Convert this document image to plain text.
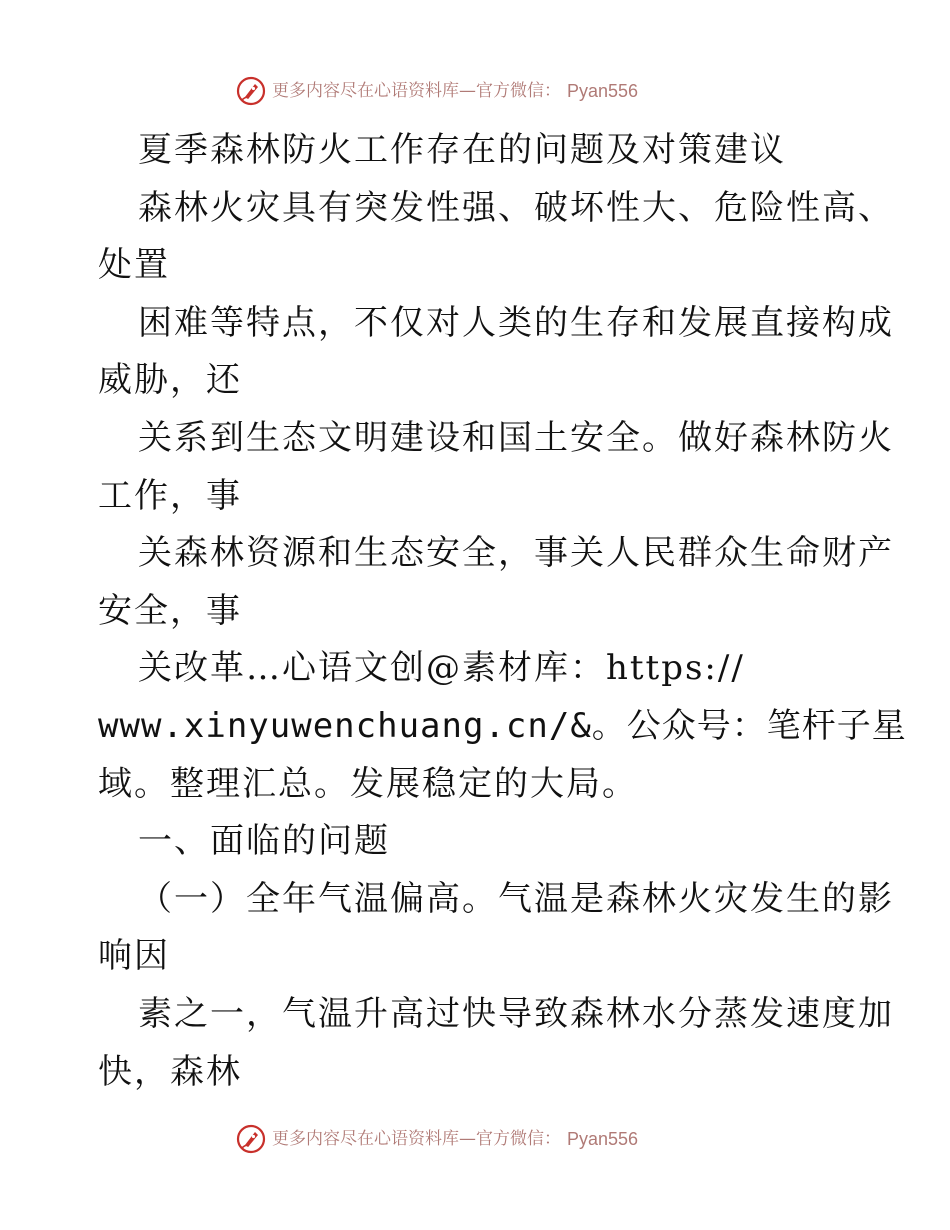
更多内容尽在心语资料库—官方微信： Pyan556
夏季森林防火工作存在的问题及对策建议
森林火灾具有突发性强、破坏性大、危险性高、
处置
困难等特点，不仅对人类的生存和发展直接构成
威胁，还
关系到生态文明建设和国土安全。做好森林防火
工作，事
关森林资源和生态安全，事关人民群众生命财产
安全，事
关改革…心语文创@素材库：https://
www.xinyuwenchuang.cn/&。公众号：笔杆子星
域。整理汇总。发展稳定的大局。
一、面临的问题
（一）全年气温偏高。气温是森林火灾发生的影
响因
素之一，气温升高过快导致森林水分蒸发速度加
快，森林
更多内容尽在心语资料库—官方微信： Pyan556
